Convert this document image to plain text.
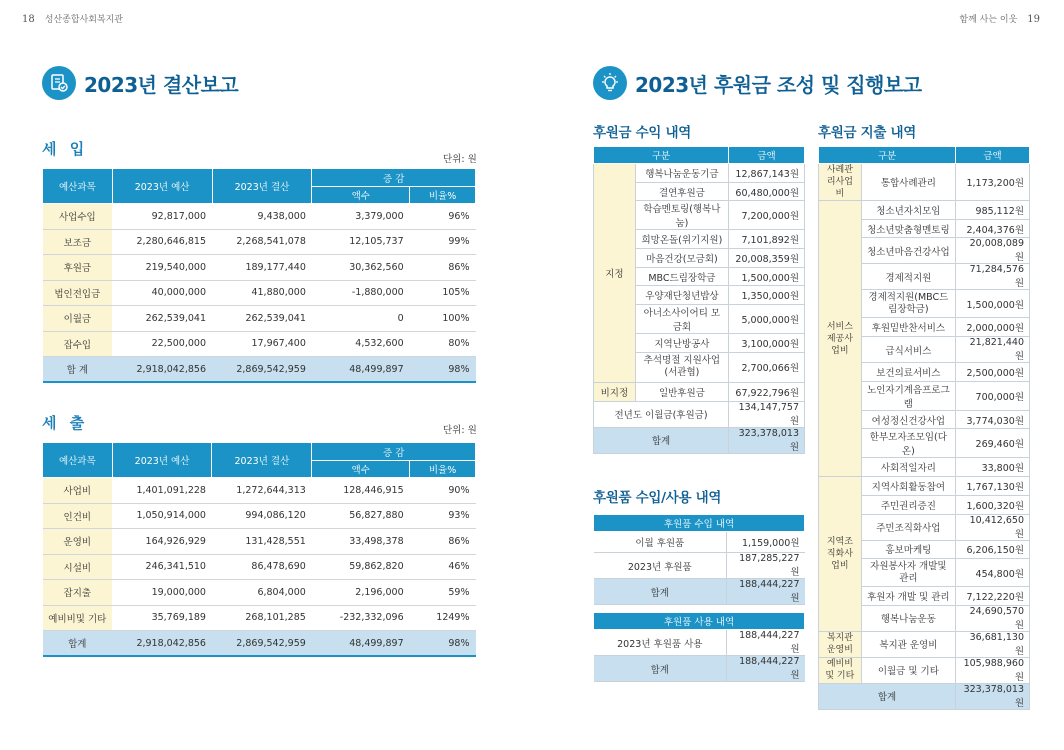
18 성산종합사회복지관	함께 사는 이웃 19
2023년 결산보고	2023년 후원금 조성 및 집행보고
세 입
단위: 원
예산과목	2023년 예산	2023년 결산	증 감	
			액수	비율%
사업수입	92,817,000	9,438,000	3,379,000	96%
보조금	2,280,646,815	2,268,541,078	12,105,737	99%
후원금	219,540,000	189,177,440	30,362,560	86%
법인전입금	40,000,000	41,880,000	-1,880,000	105%
이월금	262,539,041	262,539,041	0	100%
잡수입	22,500,000	17,967,400	4,532,600	80%
합 계	2,918,042,856	2,869,542,959	48,499,897	98%
세 출	단위: 원
예산과목	2023년 예산	2023년 결산	증 감	
			액수	비율%
사업비	1,401,091,228	1,272,644,313	128,446,915	90%
인건비	1,050,914,000	994,086,120	56,827,880	93%
운영비	164,926,929	131,428,551	33,498,378	86%
시설비	246,341,510	86,478,690	59,862,820	46%
잡지출	19,000,000	6,804,000	2,196,000	59%
예비비및 기타	35,769,189	268,101,285	-232,332,096	1249%
합계	2,918,042,856	2,869,542,959	48,499,897	98%
후원금 수익 내역
구분		금액
지정	행복나눔운동기금	12,867,143원
	결연후원금	60,480,000원
	학습멘토링(행복나눔)	7,200,000원
	희망온돌(위기지원)	7,101,892원
	마음건강(모금회)	20,008,359원
	MBC드림장학금	1,500,000원
	우양재단청년밥상	1,350,000원
	아너소사이어티 모금회	5,000,000원
	지역난방공사	3,100,000원
	추석명절 지원사업(서관협)	2,700,066원
비지정	일반후원금	67,922,796원
전년도 이월금(후원금)		134,147,757원
합계		323,378,013원
후원품 수입/사용 내역
후원품 수입 내역	
이월 후원품	1,159,000원
2023년 후원품	187,285,227원
합계	188,444,227원
후원품 사용 내역	
2023년 후원품 사용	188,444,227원
합계	188,444,227원
후원금 지출 내역
구분		금액
사례관리사업비	통합사례관리	1,173,200원
서비스제공사업비	청소년자치모임	985,112원
	청소년맞춤형멘토링	2,404,376원
	청소년마음건강사업	20,008,089원
	경제적지원	71,284,576원
	경제적지원(MBC드림장학금)	1,500,000원
	후원밑반찬서비스	2,000,000원
	급식서비스	21,821,440원
	보건의료서비스	2,500,000원
	노인자기계음프로그램	700,000원
	여성정신건강사업	3,774,030원
	한부모자조모임(다온)	269,460원
	사회적일자리	33,800원
지역조직화사업비	지역사회활동참여	1,767,130원
	주민권리증진	1,600,320원
	주민조직화사업	10,412,650원
	홍보마케팅	6,206,150원
	자원봉사자 개발및 관리	454,800원
	후원자 개발 및 관리	7,122,220원
	행복나눔운동	24,690,570원
복지관운영비	복지관 운영비	36,681,130원
예비비및 기타	이월금 및 기타	105,988,960원
합계		323,378,013원
